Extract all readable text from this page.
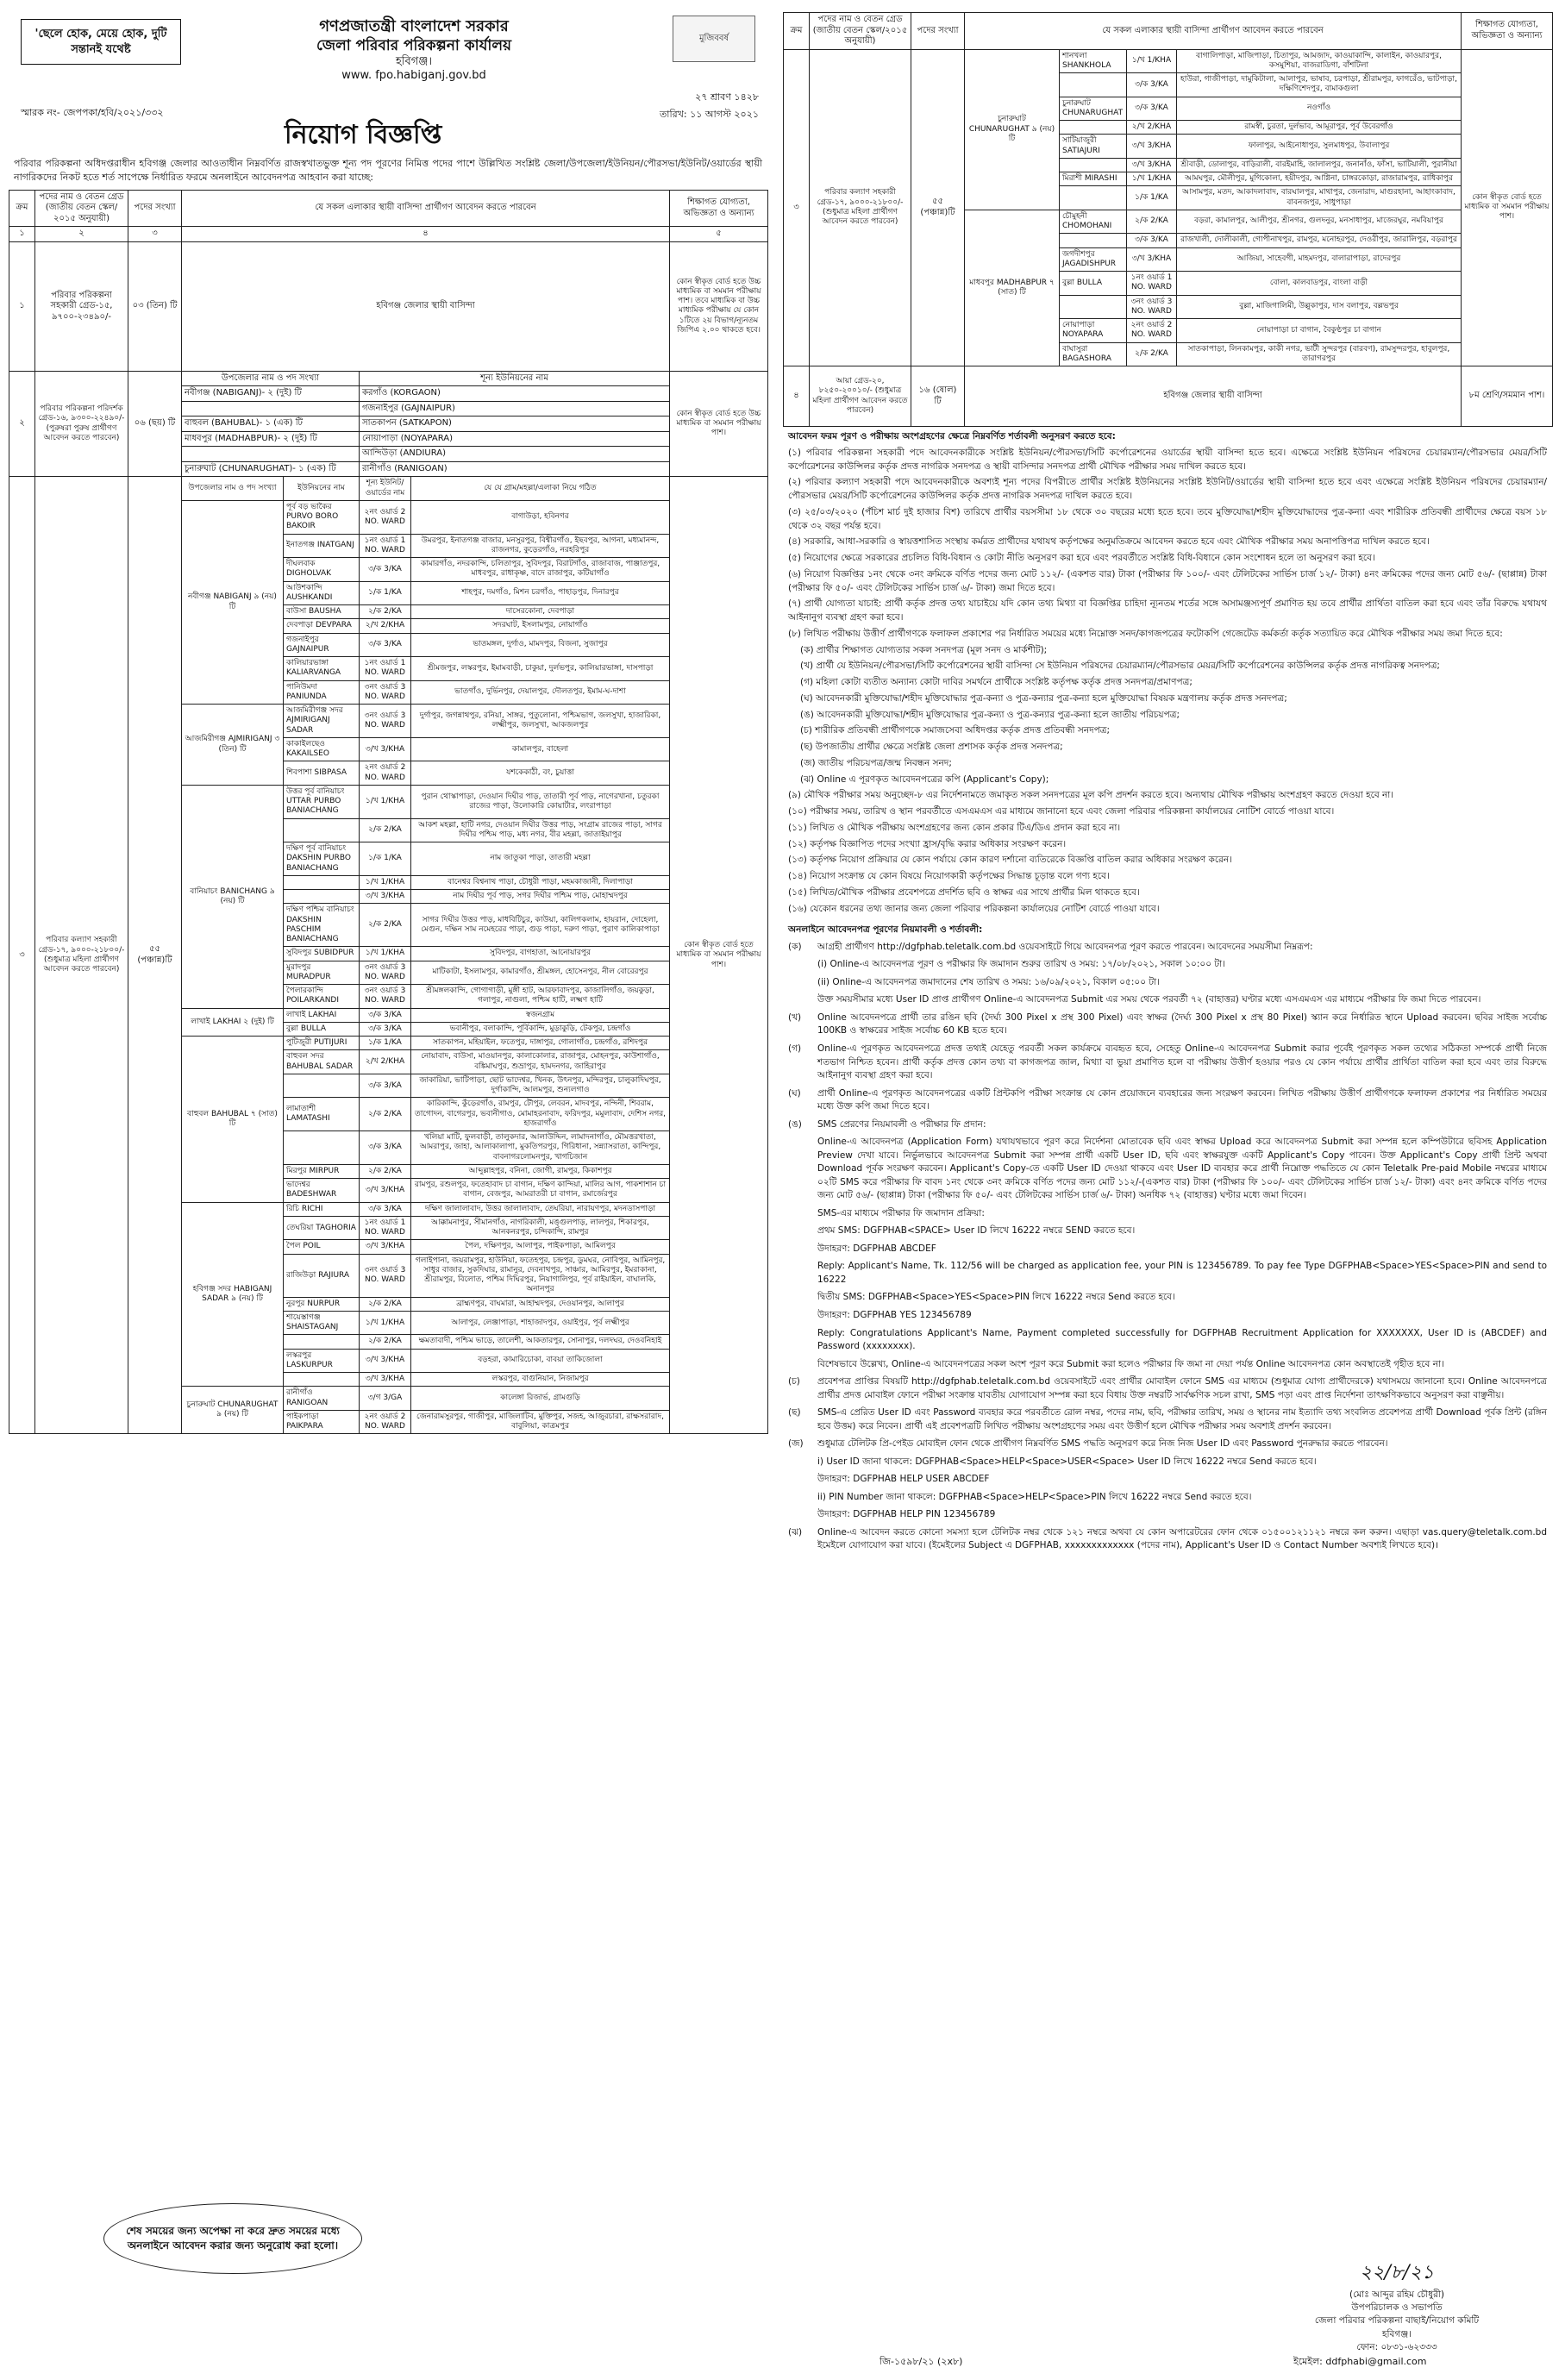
'ছেলে হোক, মেয়ে হোক, দুটি সন্তানই যথেষ্ট
গণপ্রজাতন্ত্রী বাংলাদেশ সরকার
জেলা পরিবার পরিকল্পনা কার্যালয়
হবিগঞ্জ।
www. fpo.habiganj.gov.bd
মুজিববর্ষ
২৭ শ্রাবণ ১৪২৮
তারিখ: ১১ আগস্ট ২০২১
স্মারক নং- জেপপকা/হবি/২০২১/৩৩২
নিয়োগ বিজ্ঞপ্তি
পরিবার পরিকল্পনা অধিদপ্তরাধীন হবিগঞ্জ জেলার আওতাধীন নিম্নবর্ণিত রাজস্বখাতভুক্ত শূন্য পদ পূরণের নিমিত্ত পদের পাশে উল্লিখিত সংশ্লিষ্ট জেলা/উপজেলা/ইউনিয়ন/পৌরসভা/ইউনিট/ওয়ার্ডের স্থায়ী নাগরিকদের নিকট হতে শর্ত সাপেক্ষে নির্ধারিত ফরমে অনলাইনে আবেদনপত্র আহবান করা যাচ্ছে:
ক্রম	পদের নাম ও বেতন গ্রেড (জাতীয় বেতন স্কেল/২০১৫ অনুযায়ী)	পদের সংখ্যা	যে সকল এলাকার স্থায়ী বাসিন্দা প্রার্থীগণ আবেদন করতে পারবেন				শিক্ষাগত যোগ্যতা, অভিজ্ঞতা ও অন্যান্য
১	২	৩	৪				৫
১	পরিবার পরিকল্পনা সহকারী গ্রেড-১৫, ৯৭০০-২৩৪৯০/-	০৩ (তিন) টি	হবিগঞ্জ জেলার স্থায়ী বাসিন্দা				কোন স্বীকৃত বোর্ড হতে উচ্চ মাধ্যমিক বা সমমান পরীক্ষায় পাশ। তবে মাধ্যমিক বা উচ্চ মাধ্যমিক পরীক্ষায় যে কোন ১টিতে ২য় বিভাগ/ন্যূনতম জিপিএ ২.০০ থাকতে হবে।
২	পরিবার পরিকল্পনা পরিদর্শক গ্রেড-১৬, ৯৩০০-২২৪৯০/- (পুরুষরা পুরুষ প্রার্থীগণ আবেদন করতে পারবেন)	০৬ (ছয়) টি	উপজেলার নাম ও পদ সংখ্যা		শূন্য ইউনিয়নের নাম		কোন স্বীকৃত বোর্ড হতে উচ্চ মাধ্যমিক বা সমমান পরীক্ষায় পাশ।
			নবীগঞ্জ (NABIGANJ)- ২ (দুই) টি		করগাঁও (KORGAON)		
					গজনাইপুর (GAJNAIPUR)		
			বাহুবল (BAHUBAL)- ১ (এক) টি		সাতকাপন (SATKAPON)		
			মাধবপুর (MADHABPUR)- ২ (দুই) টি		নোয়াপাড়া (NOYAPARA)		
					আন্দিউড়া (ANDIURA)		
			চুনারুঘাট (CHUNARUGHAT)- ১ (এক) টি		রানীগাঁও (RANIGOAN)		
৩	পরিবার কল্যাণ সহকারী গ্রেড-১৭, ৯০০০-২১৮০০/- (শুধুমাত্র মহিলা প্রার্থীগণ আবেদন করতে পারবেন)	৫৫ (পঞ্চান্ন)টি	উপজেলার নাম ও পদ সংখ্যা	ইউনিয়নের নাম	শূন্য ইউনিট/ওয়ার্ডের নাম	যে যে গ্রাম/মহল্লা/এলাকা নিয়ে গঠিত	কোন স্বীকৃত বোর্ড হতে মাধ্যমিক বা সমমান পরীক্ষায় পাশ।
			নবীগঞ্জ NABIGANJ ৯ (নয়) টি	পূর্ব বড় ভাকৈর PURVO BORO BAKOIR	২নং ওয়ার্ড 2 NO. WARD	বাগাউড়া, হবিনগর	
				ইনাতগঞ্জ INATGANJ	১নং ওয়ার্ড 1 NO. WARD	উমরপুর, ইনাতগঞ্জ বাজার, মনসুরপুর, বিশ্বীরগাঁও, ইছবপুর, আগনা, মধ্যমানন্দ, রাজনগর, কুড়েরগাঁও, নরহরিপুর	
				দীঘলবাক DIGHOLVAK	৩/ক 3/KA	কামারগাঁও, নদরকান্দি, চলিতাপুর, সুবিদপুর, বিরাটগাঁও, রাজাবাজ, পাঞ্জাতপুর, মাধবপুর, রাধাকৃষ্ণ, বাদে রাজাপুর, কটিয়াগাঁও	
				আউশকান্দি AUSHKANDI	১/ক 1/KA	শাহপুর, দমগাঁও, মিশন চরগাঁও, পাহাড়পুর, দিনারপুর	
				বাউসা BAUSHA	২/ক 2/KA	দাসেরকোনা, দেবপাড়া	
				দেবপাড়া DEVPARA	২/খ 2/KHA	সদরঘাট, ইসলামপুর, নোয়াগাঁও	
				গজনাইপুর GAJNAIPUR	৩/ক 3/KA	ভাতমঙ্গল, দুর্গাও, মামদপুর, বিজনা, সুজাপুর	
				কালিয়ারভাঙ্গা KALIARVANGA	১নং ওয়ার্ড 1 NO. WARD	শ্রীমজপুর, লস্করপুর, ইমামবাড়ী, চাকুয়া, দুর্লভপুর, কালিয়ারভাঙ্গা, দাসপাড়া	
				পানিউমদা PANIUNDA	৩নং ওয়ার্ড 3 NO. WARD	ভাতগাঁও, দুর্ভিনপুর, দেয়ালপুর, দৌলতপুর, ইমাম-ঘ-দাশা	
			আজমিরীগঞ্জ AJMIRIGANJ ৩ (তিন) টি	আজমিরীগঞ্জ সদর AJMIRIGANJ SADAR	৩নং ওয়ার্ড 3 NO. WARD	দুর্গাপুর, জগন্নাথপুর, রনিয়া, সাঙ্গর, পুতুলোনা, পশ্চিমভাগ, জলসুখা, হাজারিকা, লক্ষ্মীপুর, জলসুখা, আকজলপুর	
				কাকাইলছেও KAKAILSEO	৩/খ 3/KHA	কামালপুর, বাহেলা	
				শিবপাশা SIBPASA	২নং ওয়ার্ড 2 NO. WARD	যশকেকাঠী, বং, চুয়াত্তা	
			বানিয়াচং BANICHANG ৯ (নয়) টি	উত্তর পূর্ব বানিয়াচং UTTAR PURBO BANIACHANG	১/খ 1/KHA	পুরান থোস্কাপাড়া, দেওয়ান দিঘীর পাড়, তাতারী পূর্ব পাড়, নাগেরখানা, চতুরকা রাজের পাড়া, উলোকারি কোয়ার্টার, লংরাপাড়া	
					২/ক 2/KA	আকশ মহল্লা, হাটি নগর, দেওয়ান দিঘীর উত্তর পাড়, সংগ্রাম রাজের পাড়া, সাগর দিঘীর পশ্চিম পাড়, মধ্য নগর, বীর মহল্লা, জাতাইয়াপুর	
				দক্ষিণ পূর্ব বানিয়াচং DAKSHIN PURBO BANIACHANG	১/ক 1/KA	নাম জাতুকা পাড়া, তাতারী মহল্লা	
					১/খ 1/KHA	বানেশ্বর বিশ্বনাথ পাড়া, চৌধুরী পাড়া, মহমকাজানী, দিলাপাড়া	
					৩/খ 3/KHA	নাম দিঘীর পূর্ব পাড়, সগর দিঘীর পশ্চিম পাড়, মোহাম্মদপুর	
				দক্ষিণ পশ্চিম বানিয়াচং DAKSHIN PASCHIM BANIACHANG	২/ক 2/KA	সাগর দিঘীর উত্তর পাড়, মাধবিটিচুর, কাউয়া, কালিগকলাম, হায়রান, দোহেলা, মেগুন, দক্ষিন সাম নমেহরের পাড়া, গুড় পাড়া, দরুণ পাড়া, পুরাণ কালিকাপাড়া	
				সুবিদপুর SUBIDPUR	১/খ 1/KHA	সুবিদপুর, বাগহাতা, আনোয়ারপুর	
				মুরাদপুর MURADPUR	৩নং ওয়ার্ড 3 NO. WARD	মাটিকাটা, ইসলামপুর, কামারগাঁও, শ্রীমঙ্গল, হোসেনপুর, নীল বোরেরপুর	
				পৈলারকান্দি POILARKANDI	৩নং ওয়ার্ড 3 NO. WARD	শ্রীমঙ্গলকান্দি, গোগাগাড়ী, মুঙ্গী হাট, আরফাবাদপুর, কাজালিগাঁও, জয়কুড়া, গলাপুর, নাগুলা, পশ্চিম হাটি, লক্ষ্মণ হাটি	
			লাখাই LAKHAI ২ (দুই) টি	লাখাই LAKHAI	৩/ক 3/KA	স্বজনগ্রাম	
				বুল্লা BULLA	৩/ক 3/KA	ভবানীপুর, বলাকান্দি, পূর্বিকান্দি, মুড়াকুড়ি, টেকপুর, চন্দ্রগাঁও	
			বাহুবল BAHUBAL ৭ (সাত) টি	পুটিজুরী PUTIJURI	১/ক 1/KA	সাতকাপন, মহিয়াইল, ফতেপুর, দাঙ্গাপুর, গোলাগাঁও, চন্দ্রগাঁও, রশিদপুর	
				বাহুবল সদর BAHUBAL SADAR	২/খ 2/KHA	নোয়াবাদ, বাউসা, মাওয়ানপুর, কালাকোলার, রাজাপুর, মোহনপুর, কাউশাগাঁও, বঙ্কিমাঘপুর, শুভ্রাপুর, হামদনগর, জাহিরাপুর	
					৩/ক 3/KA	জাকারিয়া, ভাটিপাড়া, ছোট ভাদেশ্বর, খিনক, উৎনপুর, মন্দিরপুর, চালুকাদিঘপুর, দুর্গাকান্দি, আলমপুর, শুন্যলগাও	
				লামাতাশী LAMATASHI	২/ক 2/KA	কারিকান্দি, কুঁড়েরগাঁও, রামপুর, টৌপুর, লেবরন, মাদবপুর, নন্দিনী, শিবরাম, তাগোদন, বাগেরপুর, ভবানীগাও, মোমাহরনাবাদ, ফরিদপুর, মমুলাবাদ, দেশিস নগর, হাজরাগাঁও	
					৩/ক 3/KA	খলিয়া মাটি, ফুলবাড়ী, তালুকদার, আলাউদ্দিন, লামাদনাগাঁও, মৌমত্তরখাতা, আমরাপুর, জাহা, আলাকালাপা, মুকতিপরপুর, গিরিধানা, সন্ন্যাসরাতা, কান্দিপুর, বাবনাগরলোমনপুর, খাগচিজান	
				মিরপুর MIRPUR	২/ক 2/KA	আব্দুল্লাহপুর, বনিনা, জোগী, রামপুর, কিকাশপুর	
				ভাদেশ্বর BADESHWAR	৩/খ 3/KHA	রামপুর, রশুলপুর, ফতেহাবাদ চা বাগান, দক্ষিণ কান্দিয়া, মালির আগ, পাকশাশান চা বাগান, বেজপুর, আমরাতরী চা বাগান, রমার্জেরপুর	
			হবিগঞ্জ সদর HABIGANJ SADAR ৯ (নয়) টি	রিচি RICHI	৩/ক 3/KA	দক্ষিণ জালালাবাদ, উত্তর জালালাবাদ, তেঘরিয়া, নারায়ণপুর, মদনডাসপাড়া	
				তেঘরিয়া TAGHORIA	১নং ওয়ার্ড 1 NO. WARD	আক্কামনাপুর, সীমানগাঁও, নাগরিকালী, মঙ্গুলপাড়, লালপুর, শিকারপুর, আনকনরপুর, চন্দিকান্দি, রামপুর	
				পৈল POIL	৩/খ 3/KHA	পৈল, দক্ষিণপুর, আলাপুর, পাইকপাড়া, আমিলপুর	
				রাজিউড়া RAJIURA	৩নং ওয়ার্ড 3 NO. WARD	গলাইপানা, জয়রামপুর, হাউনিয়া, ফতেহপুর, চন্দ্রপুর, ডুমঘর, নোবিপুর, আমিনপুর, সাধুর বাজার, সুকদিঘার, রামানুর, দেবনাথপুর, সাঞ্চার, আমিরপুর, ইমরাকানা, শ্রীরামপুর, বিলোত, পশ্চিম দিঘিরপুর, নিয়াগালিপুর, পূর্ব রাইয়াইল, বাঘালকি, অনানপুর	
				নুরপুর NURPUR	২/ক 2/KA	ব্রাহ্মণপুর, বাঘমারা, আহাম্মদপুর, দেওয়ানপুর, আলাপুর	
				শায়েস্তাগঞ্জ SHAISTAGANJ	১/খ 1/KHA	আলাপুর, লেঞ্জাপাড়া, শাহাজাদপুর, ওয়াইপুর, পূর্ব লক্ষ্মীপুর	
					২/ক 2/KA	ক্ষমতাবাদী, পশ্চিম ভাড়ে, তালেশী, আকতারপুর, সোনাপুর, দলদঘর, দেওবনিহাই	
				লস্করপুর LASKURPUR	৩/খ 3/KHA	বড়হরা, কামারিচোকা, বাবয়া তাকিজোলা	
					৩/খ 3/KHA	লস্করপুর, বাগুনিয়ান, নিজামপুর	
			চুনারুঘাট CHUNARUGHAT ৯ (নয়) টি	রানীগাঁও RANIGOAN	৩/গ 3/GA	কালেঙ্গা রিজার্ভ, গ্রামগুড়ি	
				পাইকপাড়া PAIKPARA	২নং ওয়ার্ড 2 NO. WARD	জেনারামসুরপুর, গাজীপুর, মাজিলাটিব, মুক্তিপুর, সজহ, আজুরচারা, রাক্ষসরারাদ, বাবুলিয়া, কাত্রমপুর	
ক্রম	পদের নাম ও বেতন গ্রেড (জাতীয় বেতন স্কেল/২০১৫ অনুযায়ী)	পদের সংখ্যা	যে সকল এলাকার স্থায়ী বাসিন্দা প্রার্থীগণ আবেদন করতে পারবেন				শিক্ষাগত যোগ্যতা, অভিজ্ঞতা ও অন্যান্য
৩	পরিবার কল্যাণ সহকারী গ্রেড-১৭, ৯০০০-২১৮০০/- (শুধুমাত্র মহিলা প্রার্থীগণ আবেদন করতে পারবেন)	৫৫ (পঞ্চান্ন)টি	চুনারুঘাট CHUNARUGHAT ৯ (নয়) টি	শানখলা SHANKHOLA	১/খ 1/KHA	বাগালিপাড়া, মাজিপাড়া, চিতাপুর, আমজাদ, কাওয়াকান্দি, কালাইন, কাওয়ারপুর, কসমুশিয়া, বাজরাডিগা, বাঁশটিলা	কোন স্বীকৃত বোর্ড হতে মাধ্যমিক বা সমমান পরীক্ষায় পাশ।
					৩/ক 3/KA	হাউরা, গাজীপাড়া, দামুকিটালা, আলাপুর, ভাষাব, চরপাড়া, শ্রীরামপুর, ফাগরেঁও, ভাটপাড়া, দক্ষিণিশেদপুর, বামাকগুলা	
				চুনারুঘাট CHUNARUGHAT	৩/ক 3/KA	নওগাঁও	
					২/খ 2/KHA	রামস্বী, চুরতা, দুর্লভাব, আমূরাপুর, পূর্ব উবেরগাঁও	
				সাটিয়াজুরী SATIAJURI	৩/খ 3/KHA	ফালাপুর, আইনোধাপুর, সুলমাধপুর, উবালাপুর	
					৩/খ 3/KHA	শ্রীবাড়ী, ডোলাপুর, বাড়িরালী, বারইমাহি, জালালপুর, জনানাঁও, ফাঁসা, ভাটিয়ালী, পুরানীয়া	
				মিরাশী MIRASHI	১/খ 1/KHA	আমঘপুর, মৌলীপুর, মুগিকোলা, হয়ীদপুর, আগ্নিনা, চাঙ্গরকোড়া, রাজারামপুর, রাধিকাপুর	
					১/ক 1/KA	আসামপুর, মতদ, আকাদলাবাদ, বারঘালপুর, মাথাপুর, জেনারাদ, মাগুরহানা, আহাংকাবাদ, বাবনজপুর, সাধুপাড়া	
			মাধবপুর MADHABPUR ৭ (সাত) টি	চৌমুহনী CHOMOHANI	২/ক 2/KA	বড়রা, কামালপুর, আলীপুর, শ্রীনগর, গুলদনুর, মনসাধাপুর, মাজেরঘুর, নমবিয়াপুর	
					৩/ক 3/KA	রাজখালী, দোলীকালী, গোপীনাখপুর, রামপুর, মনোহরপুর, দেওরীপুর, জারালিপুর, বড়রাপুর	
				জগদীশপুর JAGADISHPUR	৩/খ 3/KHA	আজিয়া, সাহেবগী, মাহমদপুর, বালারাপাড়া, রাদেরপুর	
				বুল্লা BULLA	১নং ওয়ার্ড 1 NO. WARD	বোলা, কালবাডপুর, বাংলা বাড়ী	
					৩নং ওয়ার্ড 3 NO. WARD	বুল্লা, মাজিগালিমী, উল্লুকাপুর, দাস বলাপুর, বল্লভপুর	
				নোয়াপাড়া NOYAPARA	২নং ওয়ার্ড 2 NO. WARD	নোয়াপাড়া চা বাগান, বৈকুণ্ঠপুর চা বাগান	
				বাঘাসুরা BAGASHORA	২/ক 2/KA	সাতকাপাড়া, লিনকামপুর, কাকী নগর, ভাটী সুন্দরপুর (বারবণ), রামসুন্দরপুর, হাবুলপুর, তারাগরপুর	
৪	আয়া গ্রেড-২০, ৮২৫০-২০০১০/- (শুধুমাত্র মহিলা প্রার্থীগণ আবেদন করতে পারবেন)	১৬ (ষোল) টি	হবিগঞ্জ জেলার স্থায়ী বাসিন্দা				৮ম শ্রেণি/সমমান পাশ।

আবেদন ফরম পূরণ ও পরীক্ষায় অংশগ্রহণের ক্ষেত্রে নিম্নবর্ণিত শর্তাবলী অনুসরণ করতে হবে:

(১) পরিবার পরিকল্পনা সহকারী পদে আবেদনকারীকে সংশ্লিষ্ট ইউনিয়ন/পৌরসভা/সিটি কর্পোরেশনের ওয়ার্ডের স্থায়ী বাসিন্দা হতে হবে। এক্ষেত্রে সংশ্লিষ্ট ইউনিয়ন পরিষদের চেয়ারম্যান/পৌরসভার মেয়র/সিটি কর্পোরেশনের কাউন্সিলর কর্তৃক প্রদত্ত নাগরিক সনদপত্র ও স্থায়ী বাসিন্দার সনদপত্র প্রার্থী মৌখিক পরীক্ষার সময় দাখিল করতে হবে।

(২) পরিবার কল্যাণ সহকারী পদে আবেদনকারীকে অবশ্যই শূন্য পদের বিপরীতে প্রার্থীর সংশ্লিষ্ট ইউনিয়নের সংশ্লিষ্ট ইউনিট/ওয়ার্ডের স্থায়ী বাসিন্দা হতে হবে এবং এক্ষেত্রে সংশ্লিষ্ট ইউনিয়ন পরিষদের চেয়ারম্যান/পৌরসভার মেয়র/সিটি কর্পোরেশনের কাউন্সিলর কর্তৃক প্রদত্ত নাগরিক সনদপত্র দাখিল করতে হবে।

(৩) ২৫/০৩/২০২০ (পঁচিশ মার্চ দুই হাজার বিশ) তারিখে প্রার্থীর বয়সসীমা ১৮ থেকে ৩০ বছরের মধ্যে হতে হবে। তবে মুক্তিযোদ্ধা/শহীদ মুক্তিযোদ্ধাদের পুত্র-কন্যা এবং শারীরিক প্রতিবন্ধী প্রার্থীদের ক্ষেত্রে বয়স ১৮ থেকে ৩২ বছর পর্যন্ত হবে।

(৪) সরকারি, আধা-সরকারি ও স্বায়ত্তশাসিত সংস্থায় কর্মরত প্রার্থীদের যথাযথ কর্তৃপক্ষের অনুমতিক্রমে আবেদন করতে হবে এবং মৌখিক পরীক্ষার সময় অনাপত্তিপত্র দাখিল করতে হবে।

(৫) নিয়োগের ক্ষেত্রে সরকারের প্রচলিত বিধি-বিধান ও কোটা নীতি অনুসরণ করা হবে এবং পরবর্তীতে সংশ্লিষ্ট বিধি-বিধানে কোন সংশোধন হলে তা অনুসরণ করা হবে।

(৬) নিয়োগ বিজ্ঞপ্তির ১নং থেকে ৩নং ক্রমিকে বর্ণিত পদের জন্য মোট ১১২/- (একশত বার) টাকা (পরীক্ষার ফি ১০০/- এবং টেলিটকের সার্ভিস চার্জ ১২/- টাকা) ৪নং ক্রমিকের পদের জন্য মোট ৫৬/- (ছাপ্পান্ন) টাকা (পরীক্ষার ফি ৫০/- এবং টেলিটকের সার্ভিস চার্জ ৬/- টাকা) জমা দিতে হবে।

(৭) প্রার্থী যোগ্যতা যাচাই: প্রার্থী কর্তৃক প্রদত্ত তথ্য যাচাইয়ে যদি কোন তথ্য মিথ্যা বা বিজ্ঞপ্তির চাহিদা ন্যূনতম শর্তের সঙ্গে অসামঞ্জস্যপূর্ণ প্রমাণিত হয় তবে প্রার্থীর প্রার্থিতা বাতিল করা হবে এবং তাঁর বিরুদ্ধে যথাযথ আইনানুগ ব্যবস্থা গ্রহণ করা হবে।

(৮) লিখিত পরীক্ষায় উত্তীর্ণ প্রার্থীগণকে ফলাফল প্রকাশের পর নির্ধারিত সময়ের মধ্যে নিম্নোক্ত সনদ/কাগজপত্রের ফটোকপি গেজেটেড কর্মকর্তা কর্তৃক সত্যায়িত করে মৌখিক পরীক্ষার সময় জমা দিতে হবে:

(ক) প্রার্থীর শিক্ষাগত যোগ্যতার সকল সনদপত্র (মূল সনদ ও মার্কশীট);

(খ) প্রার্থী যে ইউনিয়ন/পৌরসভা/সিটি কর্পোরেশনের স্থায়ী বাসিন্দা সে ইউনিয়ন পরিষদের চেয়ারম্যান/পৌরসভার মেয়র/সিটি কর্পোরেশনের কাউন্সিলর কর্তৃক প্রদত্ত নাগরিকত্ব সনদপত্র;

(গ) মহিলা কোটা ব্যতীত অন্যান্য কোটা দাবির সমর্থনে প্রার্থীকে সংশ্লিষ্ট কর্তৃপক্ষ কর্তৃক প্রদত্ত সনদপত্র/প্রমাণপত্র;

(ঘ) আবেদনকারী মুক্তিযোদ্ধা/শহীদ মুক্তিযোদ্ধার পুত্র-কন্যা ও পুত্র-কন্যার পুত্র-কন্যা হলে মুক্তিযোদ্ধা বিষয়ক মন্ত্রণালয় কর্তৃক প্রদত্ত সনদপত্র;

(ঙ) আবেদনকারী মুক্তিযোদ্ধা/শহীদ মুক্তিযোদ্ধার পুত্র-কন্যা ও পুত্র-কন্যার পুত্র-কন্যা হলে জাতীয় পরিচয়পত্র;

(চ) শারীরিক প্রতিবন্ধী প্রার্থীগণকে সমাজসেবা অধিদপ্তর কর্তৃক প্রদত্ত প্রতিবন্ধী সনদপত্র;

(ছ) উপজাতীয় প্রার্থীর ক্ষেত্রে সংশ্লিষ্ট জেলা প্রশাসক কর্তৃক প্রদত্ত সনদপত্র;

(জ) জাতীয় পরিচয়পত্র/জন্ম নিবন্ধন সনদ;

(ঝ) Online এ পূরণকৃত আবেদনপত্রের কপি (Applicant's Copy);

(৯) মৌখিক পরীক্ষার সময় অনুচ্ছেদ-৮ এর নির্দেশনামতে জমাকৃত সকল সনদপত্রের মূল কপি প্রদর্শন করতে হবে। অন্যথায় মৌখিক পরীক্ষায় অংশগ্রহণ করতে দেওয়া হবে না।

(১০) পরীক্ষার সময়, তারিখ ও স্থান পরবর্তীতে এসএমএস এর মাধ্যমে জানানো হবে এবং জেলা পরিবার পরিকল্পনা কার্যালয়ের নোটিশ বোর্ডে পাওয়া যাবে।

(১১) লিখিত ও মৌখিক পরীক্ষায় অংশগ্রহণের জন্য কোন প্রকার টিএ/ডিএ প্রদান করা হবে না।

(১২) কর্তৃপক্ষ বিজ্ঞাপিত পদের সংখ্যা হ্রাস/বৃদ্ধি করার অধিকার সংরক্ষণ করেন।

(১৩) কর্তৃপক্ষ নিয়োগ প্রক্রিয়ার যে কোন পর্যায়ে কোন কারণ দর্শানো ব্যতিরেকে বিজ্ঞপ্তি বাতিল করার অধিকার সংরক্ষণ করেন।

(১৪) নিয়োগ সংক্রান্ত যে কোন বিষয়ে নিয়োগকারী কর্তৃপক্ষের সিদ্ধান্ত চূড়ান্ত বলে গণ্য হবে।

(১৫) লিখিত/মৌখিক পরীক্ষার প্রবেশপত্রে প্রদর্শিত ছবি ও স্বাক্ষর এর সাথে প্রার্থীর মিল থাকতে হবে।

(১৬) যেকোন ধরনের তথ্য জানার জন্য জেলা পরিবার পরিকল্পনা কার্যালয়ের নোটিশ বোর্ডে পাওয়া যাবে।

অনলাইনে আবেদনপত্র পূরণের নিয়মাবলী ও শর্তাবলী:

(ক)	আগ্রহী প্রার্থীগণ http://dgfphab.teletalk.com.bd ওয়েবসাইটে গিয়ে আবেদনপত্র পূরণ করতে পারবেন। আবেদনের সময়সীমা নিম্নরূপ:
(i) Online-এ আবেদনপত্র পূরণ ও পরীক্ষার ফি জমাদান শুরুর তারিখ ও সময়: ১৭/০৮/২০২১, সকাল ১০:০০ টা।
(ii) Online-এ আবেদনপত্র জমাদানের শেষ তারিখ ও সময়: ১৬/০৯/২০২১, বিকাল ০৫:০০ টা।
উক্ত সময়সীমার মধ্যে User ID প্রাপ্ত প্রার্থীগণ Online-এ আবেদনপত্র Submit এর সময় থেকে পরবর্তী ৭২ (বাহাত্তর) ঘণ্টার মধ্যে এসএমএস এর মাধ্যমে পরীক্ষার ফি জমা দিতে পারবেন।
(খ)	Online আবেদনপত্রে প্রার্থী তার রঙিন ছবি (দৈর্ঘ্য 300 Pixel x প্রস্থ 300 Pixel) এবং স্বাক্ষর (দৈর্ঘ্য 300 Pixel x প্রস্থ 80 Pixel) স্ক্যান করে নির্ধারিত স্থানে Upload করবেন। ছবির সাইজ সর্বোচ্চ 100KB ও স্বাক্ষরের সাইজ সর্বোচ্চ 60 KB হতে হবে।
(গ)	Online-এ পূরণকৃত আবেদনপত্রে প্রদত্ত তথ্যই যেহেতু পরবর্তী সকল কার্যক্রমে ব্যবহৃত হবে, সেহেতু Online-এ আবেদনপত্র Submit করার পূর্বেই পূরণকৃত সকল তথ্যের সঠিকতা সম্পর্কে প্রার্থী নিজে শতভাগ নিশ্চিত হবেন। প্রার্থী কর্তৃক প্রদত্ত কোন তথ্য বা কাগজপত্র জাল, মিথ্যা বা ভুয়া প্রমাণিত হলে বা পরীক্ষায় উত্তীর্ণ হওয়ার পরও যে কোন পর্যায়ে প্রার্থীর প্রার্থিতা বাতিল করা হবে এবং তার বিরুদ্ধে আইনানুগ ব্যবস্থা গ্রহণ করা হবে।
(ঘ)	প্রার্থী Online-এ পূরণকৃত আবেদনপত্রের একটি প্রিন্টকপি পরীক্ষা সংক্রান্ত যে কোন প্রয়োজনে ব্যবহারের জন্য সংরক্ষণ করবেন। লিখিত পরীক্ষায় উত্তীর্ণ প্রার্থীগণকে ফলাফল প্রকাশের পর নির্ধারিত সময়ের মধ্যে উক্ত কপি জমা দিতে হবে।
(ঙ)	SMS প্রেরণের নিয়মাবলী ও পরীক্ষার ফি প্রদান:
Online-এ আবেদনপত্র (Application Form) যথাযথভাবে পূরণ করে নির্দেশনা মোতাবেক ছবি এবং স্বাক্ষর Upload করে আবেদনপত্র Submit করা সম্পন্ন হলে কম্পিউটারে ছবিসহ Application Preview দেখা যাবে। নির্ভুলভাবে আবেদনপত্র Submit করা সম্পন্ন প্রার্থী একটি User ID, ছবি এবং স্বাক্ষরযুক্ত একটি Applicant's Copy পাবেন। উক্ত Applicant's Copy প্রার্থী প্রিন্ট অথবা Download পূর্বক সংরক্ষণ করবেন। Applicant's Copy-তে একটি User ID দেওয়া থাকবে এবং User ID ব্যবহার করে প্রার্থী নিম্নোক্ত পদ্ধতিতে যে কোন Teletalk Pre-paid Mobile নম্বরের মাধ্যমে ০২টি SMS করে পরীক্ষার ফি বাবদ ১নং থেকে ৩নং ক্রমিকে বর্ণিত পদের জন্য মোট ১১২/-(একশত বার) টাকা (পরীক্ষার ফি ১০০/- এবং টেলিটকের সার্ভিস চার্জ ১২/- টাকা) এবং ৪নং ক্রমিকে বর্ণিত পদের জন্য মোট ৫৬/- (ছাপ্পান্ন) টাকা (পরীক্ষার ফি ৫০/- এবং টেলিটকের সার্ভিস চার্জ ৬/- টাকা) অনধিক ৭২ (বাহাত্তর) ঘণ্টার মধ্যে জমা দিবেন।
SMS-এর মাধ্যমে পরীক্ষার ফি জমাদান প্রক্রিয়া:
প্রথম SMS: DGFPHAB<SPACE> User ID লিখে 16222 নম্বরে SEND করতে হবে।
উদাহরণ: DGFPHAB ABCDEF
Reply: Applicant's Name, Tk. 112/56 will be charged as application fee, your PIN is 123456789. To pay fee Type DGFPHAB<Space>YES<Space>PIN and send to 16222
দ্বিতীয় SMS: DGFPHAB<Space>YES<Space>PIN লিখে 16222 নম্বরে Send করতে হবে।
উদাহরণ: DGFPHAB YES 123456789
Reply: Congratulations Applicant's Name, Payment completed successfully for DGFPHAB Recruitment Application for XXXXXXX, User ID is (ABCDEF) and Password (xxxxxxxx).
বিশেষভাবে উল্লেখ্য, Online-এ আবেদনপত্রের সকল অংশ পূরণ করে Submit করা হলেও পরীক্ষার ফি জমা না দেয়া পর্যন্ত Online আবেদনপত্র কোন অবস্থাতেই গৃহীত হবে না।
(চ)	প্রবেশপত্র প্রাপ্তির বিষয়টি http://dgfphab.teletalk.com.bd ওয়েবসাইটে এবং প্রার্থীর মোবাইল ফোনে SMS এর মাধ্যমে (শুধুমাত্র যোগ্য প্রার্থীদেরকে) যথাসময়ে জানানো হবে। Online আবেদনপত্রে প্রার্থীর প্রদত্ত মোবাইল ফোনে পরীক্ষা সংক্রান্ত যাবতীয় যোগাযোগ সম্পন্ন করা হবে বিধায় উক্ত নম্বরটি সার্বক্ষণিক সচল রাখা, SMS পড়া এবং প্রাপ্ত নির্দেশনা তাৎক্ষণিকভাবে অনুসরণ করা বাঞ্ছনীয়।
(ছ)	SMS-এ প্রেরিত User ID এবং Password ব্যবহার করে পরবর্তীতে রোল নম্বর, পদের নাম, ছবি, পরীক্ষার তারিখ, সময় ও স্থানের নাম ইত্যাদি তথ্য সংবলিত প্রবেশপত্র প্রার্থী Download পূর্বক প্রিন্ট (রঙ্গিন হবে উত্তম) করে নিবেন। প্রার্থী এই প্রবেশপত্রটি লিখিত পরীক্ষায় অংশগ্রহণের সময় এবং উত্তীর্ণ হলে মৌখিক পরীক্ষার সময় অবশ্যই প্রদর্শন করবেন।
(জ)	শুধুমাত্র টেলিটক প্রি-পেইড মোবাইল ফোন থেকে প্রার্থীগণ নিম্নবর্ণিত SMS পদ্ধতি অনুসরণ করে নিজ নিজ User ID এবং Password পুনরুদ্ধার করতে পারবেন।
i) User ID জানা থাকলে: DGFPHAB<Space>HELP<Space>USER<Space> User ID লিখে 16222 নম্বরে Send করতে হবে।
উদাহরণ: DGFPHAB HELP USER ABCDEF
ii) PIN Number জানা থাকলে: DGFPHAB<Space>HELP<Space>PIN লিখে 16222 নম্বরে Send করতে হবে।
উদাহরণ: DGFPHAB HELP PIN 123456789
(ঝ)	Online-এ আবেদন করতে কোনো সমস্যা হলে টেলিটক নম্বর থেকে ১২১ নম্বরে অথবা যে কোন অপারেটরের ফোন থেকে ০১৫০০১২১১২১ নম্বরে কল করুন। এছাড়া vas.query@teletalk.com.bd ইমেইলে যোগাযোগ করা যাবে। (ইমেইলের Subject এ DGFPHAB, xxxxxxxxxxxxx (পদের নাম), Applicant's User ID ও Contact Number অবশ্যই লিখতে হবে)।
শেষ সময়ের জন্য অপেক্ষা না করে দ্রুত সময়ের মধ্যে অনলাইনে আবেদন করার জন্য অনুরোধ করা হলো।
২২/৮/২১
(মোঃ আব্দুর রহিম চৌধুরী)
উপপরিচালক ও সভাপতি
জেলা পরিবার পরিকল্পনা বাছাই/নিয়োগ কমিটি
হবিগঞ্জ।
ফোন: ০৮৩১-৬২৩৩৩
জি-১৫৯৮/২১ (২x৮)	ইমেইল: ddfphabi@gmail.com
